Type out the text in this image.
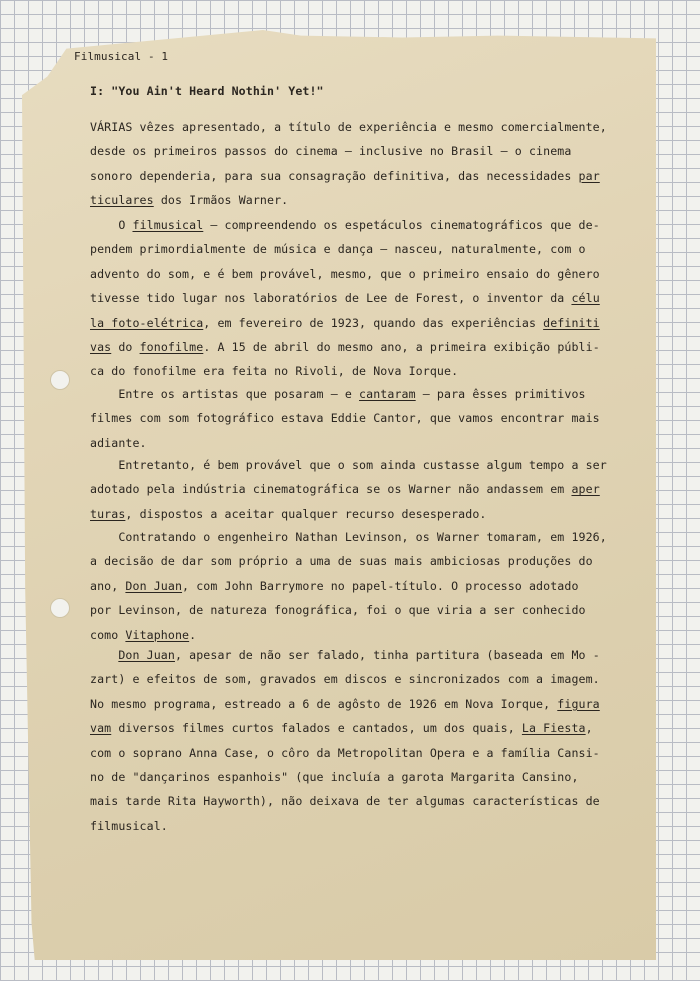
Filmusical - 1
I: "You Ain't Heard Nothin' Yet!"
VÁRIAS vêzes apresentado, a título de experiência e mesmo comercialmente,
desde os primeiros passos do cinema — inclusive no Brasil — o cinema
sonoro dependeria, para sua consagração definitiva, das necessidades par
ticulares dos Irmãos Warner.
O filmusical — compreendendo os espetáculos cinematográficos que de-
pendem primordialmente de música e dança — nasceu, naturalmente, com o
advento do som, e é bem provável, mesmo, que o primeiro ensaio do gênero
tivesse tido lugar nos laboratórios de Lee de Forest, o inventor da célu
la foto-elétrica, em fevereiro de 1923, quando das experiências definiti
vas do fonofilme. A 15 de abril do mesmo ano, a primeira exibição públi-
ca do fonofilme era feita no Rivoli, de Nova Iorque.
Entre os artistas que posaram — e cantaram — para êsses primitivos
filmes com som fotográfico estava Eddie Cantor, que vamos encontrar mais
adiante.
Entretanto, é bem provável que o som ainda custasse algum tempo a ser
adotado pela indústria cinematográfica se os Warner não andassem em aper
turas, dispostos a aceitar qualquer recurso desesperado.
Contratando o engenheiro Nathan Levinson, os Warner tomaram, em 1926,
a decisão de dar som próprio a uma de suas mais ambiciosas produções do
ano, Don Juan, com John Barrymore no papel-título. O processo adotado
por Levinson, de natureza fonográfica, foi o que viria a ser conhecido
como Vitaphone.
Don Juan, apesar de não ser falado, tinha partitura (baseada em Mo -
zart) e efeitos de som, gravados em discos e sincronizados com a imagem.
No mesmo programa, estreado a 6 de agôsto de 1926 em Nova Iorque, figura
vam diversos filmes curtos falados e cantados, um dos quais, La Fiesta,
com o soprano Anna Case, o côro da Metropolitan Opera e a família Cansi-
no de "dançarinos espanhois" (que incluía a garota Margarita Cansino,
mais tarde Rita Hayworth), não deixava de ter algumas características de
filmusical.
